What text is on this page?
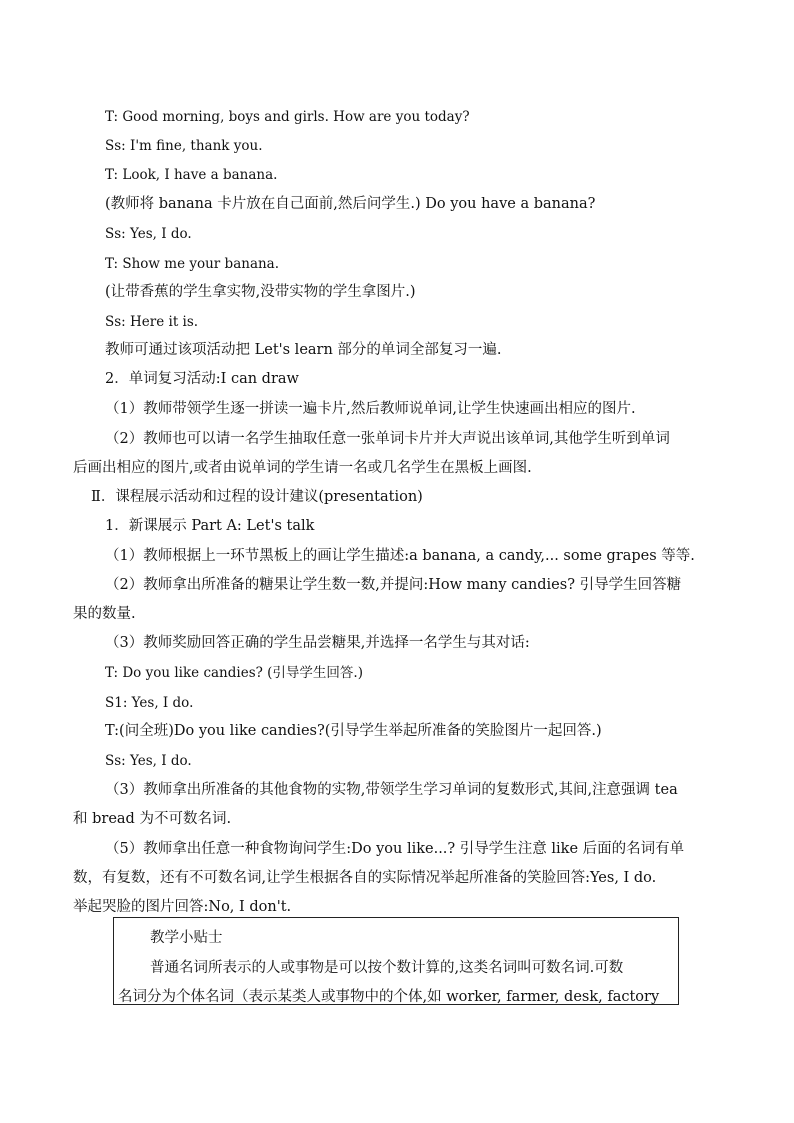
T: Good morning, boys and girls. How are you today?
Ss: I'm fine, thank you.
T: Look, I have a banana.
(教师将 banana 卡片放在自己面前,然后问学生.) Do you have a banana?
Ss: Yes, I do.
T: Show me your banana.
(让带香蕉的学生拿实物,没带实物的学生拿图片.)
Ss: Here it is.
教师可通过该项活动把 Let's learn 部分的单词全部复习一遍.
2．单词复习活动:I can draw
（1）教师带领学生逐一拼读一遍卡片,然后教师说单词,让学生快速画出相应的图片.
（2）教师也可以请一名学生抽取任意一张单词卡片并大声说出该单词,其他学生听到单词
后画出相应的图片,或者由说单词的学生请一名或几名学生在黑板上画图.
Ⅱ．课程展示活动和过程的设计建议(presentation)
1．新课展示 Part A: Let's talk
（1）教师根据上一环节黑板上的画让学生描述:a banana, a candy,... some grapes 等等.
（2）教师拿出所准备的糖果让学生数一数,并提问:How many candies? 引导学生回答糖
果的数量.
（3）教师奖励回答正确的学生品尝糖果,并选择一名学生与其对话:
T: Do you like candies? (引导学生回答.)
S1: Yes, I do.
T:(问全班)Do you like candies?(引导学生举起所准备的笑脸图片一起回答.)
Ss: Yes, I do.
（3）教师拿出所准备的其他食物的实物,带领学生学习单词的复数形式,其间,注意强调 tea
和 bread 为不可数名词.
（5）教师拿出任意一种食物询问学生:Do you like...? 引导学生注意 like 后面的名词有单
数，有复数，还有不可数名词,让学生根据各自的实际情况举起所准备的笑脸回答:Yes, I do.
举起哭脸的图片回答:No, I don't.
教学小贴士
普通名词所表示的人或事物是可以按个数计算的,这类名词叫可数名词.可数
名词分为个体名词（表示某类人或事物中的个体,如 worker, farmer, desk, factory
